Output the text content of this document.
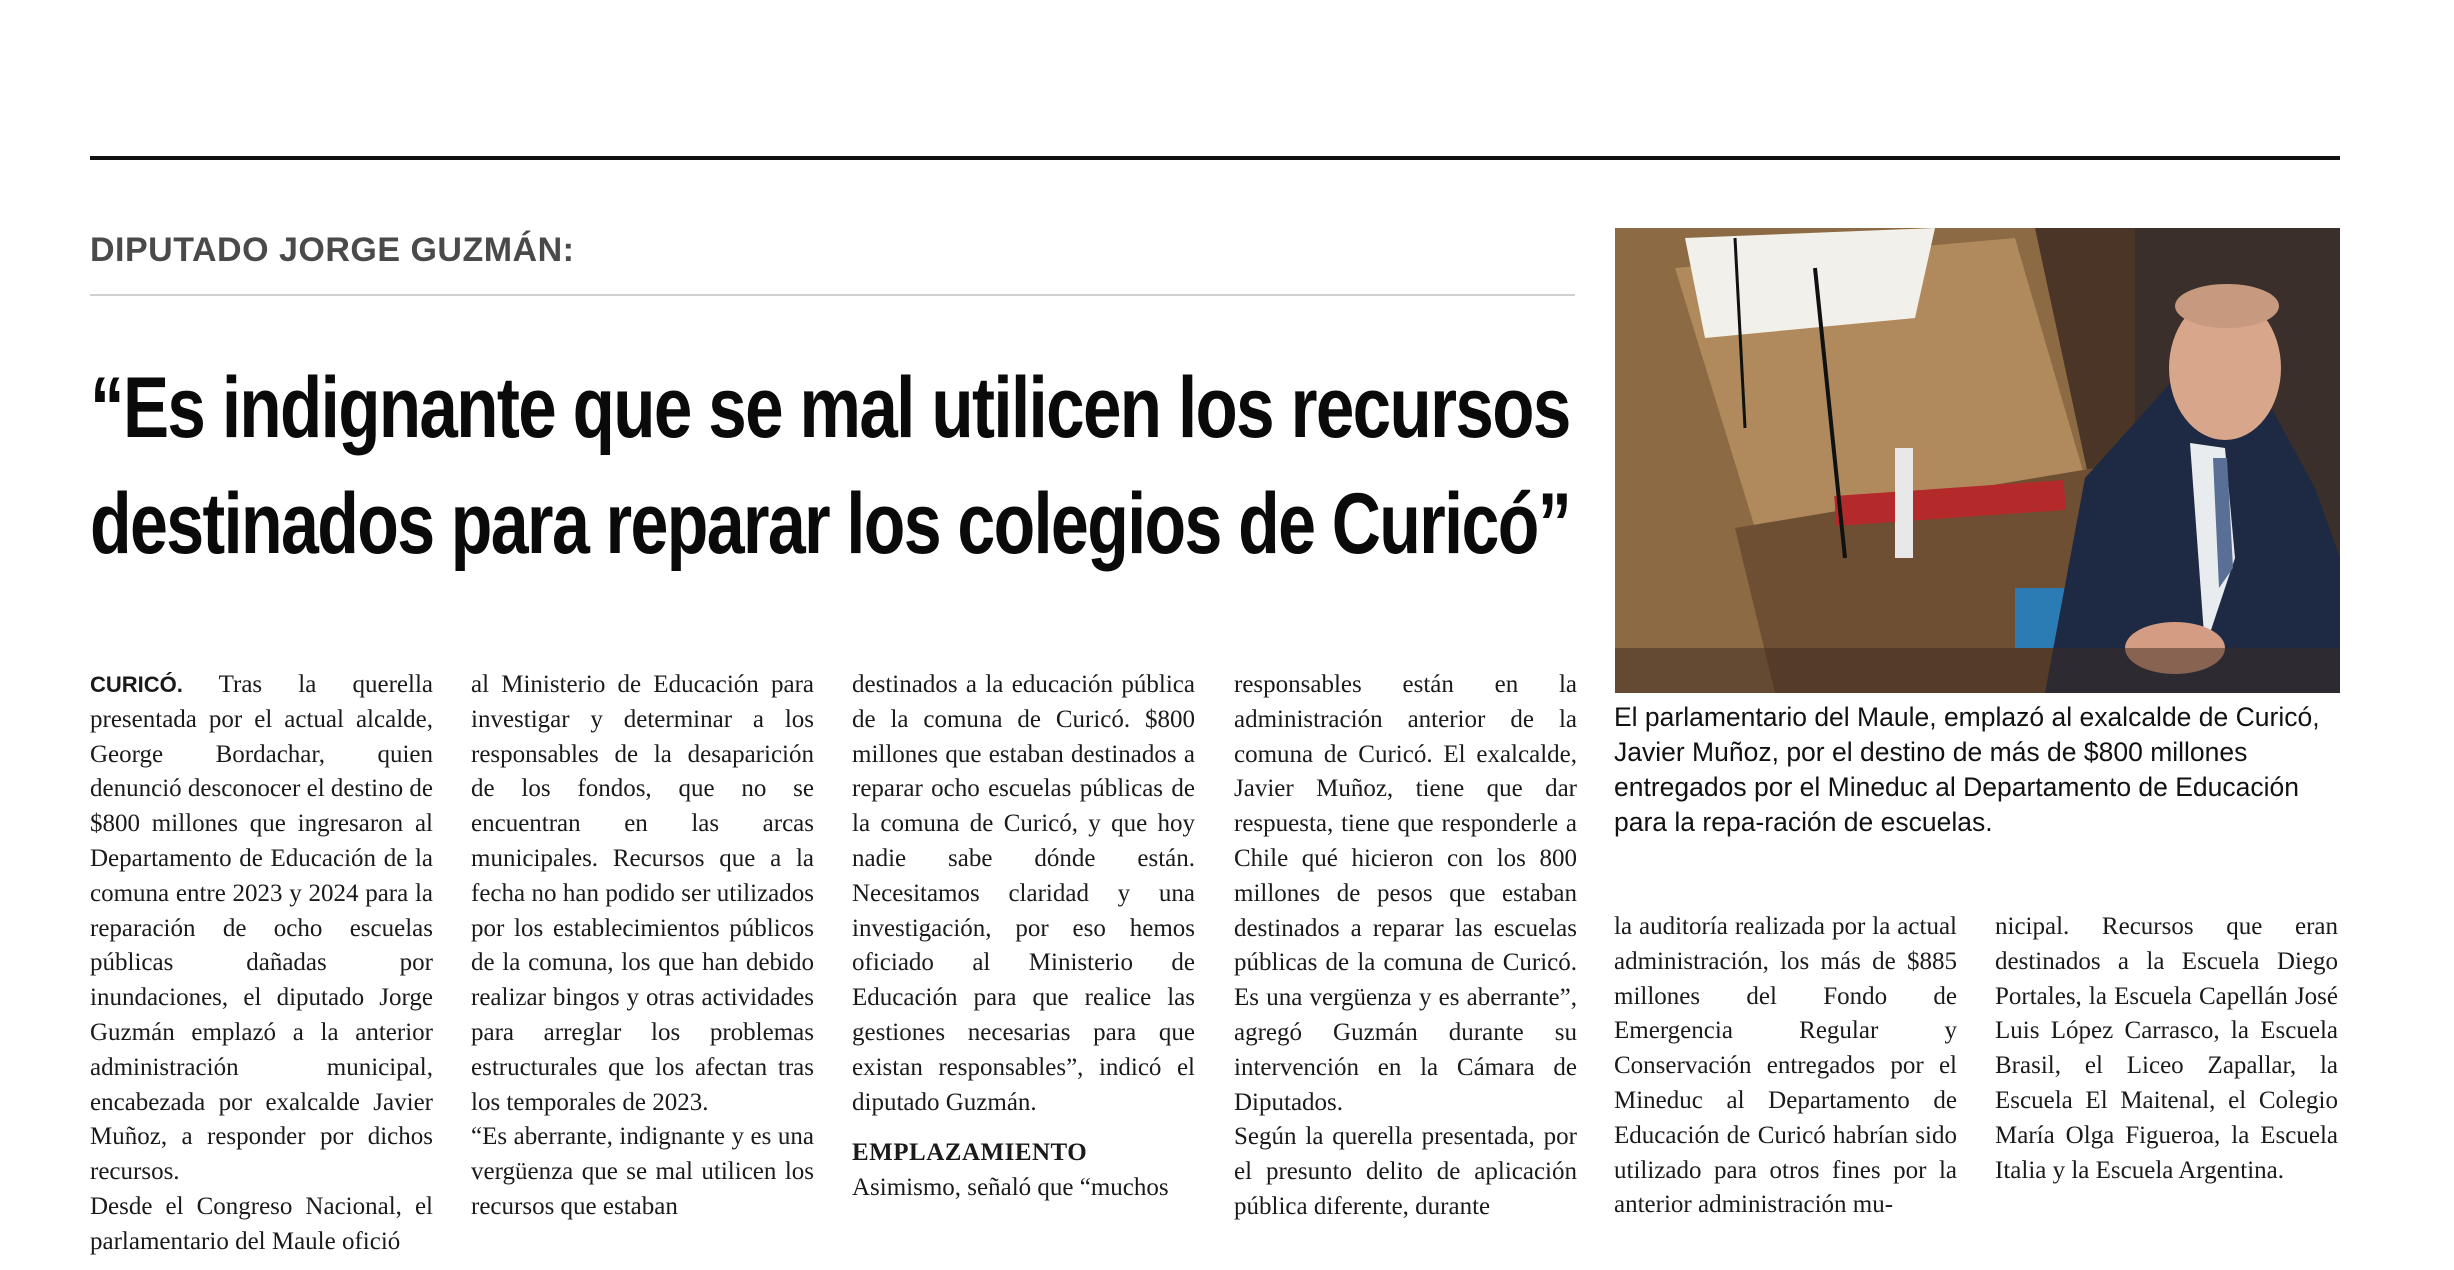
DIPUTADO JORGE GUZMÁN:
“Es indignante que se mal utilicen los recursos
destinados para reparar los colegios de Curicó”

CURICÓ. Tras la querella presentada por el actual alcalde, George Bordachar, quien denunció desconocer el destino de $800 millones que ingresaron al Departamento de Educación de la comuna entre 2023 y 2024 para la reparación de ocho escuelas públicas dañadas por inundaciones, el diputado Jorge Guzmán emplazó a la anterior administración municipal, encabezada por exalcalde Javier Muñoz, a responder por dichos recursos.

Desde el Congreso Nacional, el parlamentario del Maule ofició

al Ministerio de Educación para investigar y determinar a los responsables de la desaparición de los fondos, que no se encuentran en las arcas municipales. Recursos que a la fecha no han podido ser utilizados por los establecimientos públicos de la comuna, los que han debido realizar bingos y otras actividades para arreglar los problemas estructurales que los afectan tras los temporales de 2023.

“Es aberrante, indignante y es una vergüenza que se mal utilicen los recursos que estaban

destinados a la educación pública de la comuna de Curicó. $800 millones que estaban destinados a reparar ocho escuelas públicas de la comuna de Curicó, y que hoy nadie sabe dónde están. Necesitamos claridad y una investigación, por eso hemos oficiado al Ministerio de Educación para que realice las gestiones necesarias para que existan responsables”, indicó el diputado Guzmán.

EMPLAZAMIENTO

Asimismo, señaló que “muchos

responsables están en la administración anterior de la comuna de Curicó. El exalcalde, Javier Muñoz, tiene que dar respuesta, tiene que responderle a Chile qué hicieron con los 800 millones de pesos que estaban destinados a reparar las escuelas públicas de la comuna de Curicó. Es una vergüenza y es aberrante”, agregó Guzmán durante su intervención en la Cámara de Diputados.

Según la querella presentada, por el presunto delito de aplicación pública diferente, durante

la auditoría realizada por la actual administración, los más de $885 millones del Fondo de Emergencia Regular y Conservación entregados por el Mineduc al Departamento de Educación de Curicó habrían sido utilizado para otros fines por la anterior administración mu-

nicipal. Recursos que eran destinados a la Escuela Diego Portales, la Escuela Capellán José Luis López Carrasco, la Escuela Brasil, el Liceo Zapallar, la Escuela El Maitenal, el Colegio María Olga Figueroa, la Escuela Italia y la Escuela Argentina.

El parlamentario del Maule, emplazó al exalcalde de Curicó, Javier Muñoz, por el destino de más de $800 millones entregados por el Mineduc al Departamento de Educación para la repa-ración de escuelas.
